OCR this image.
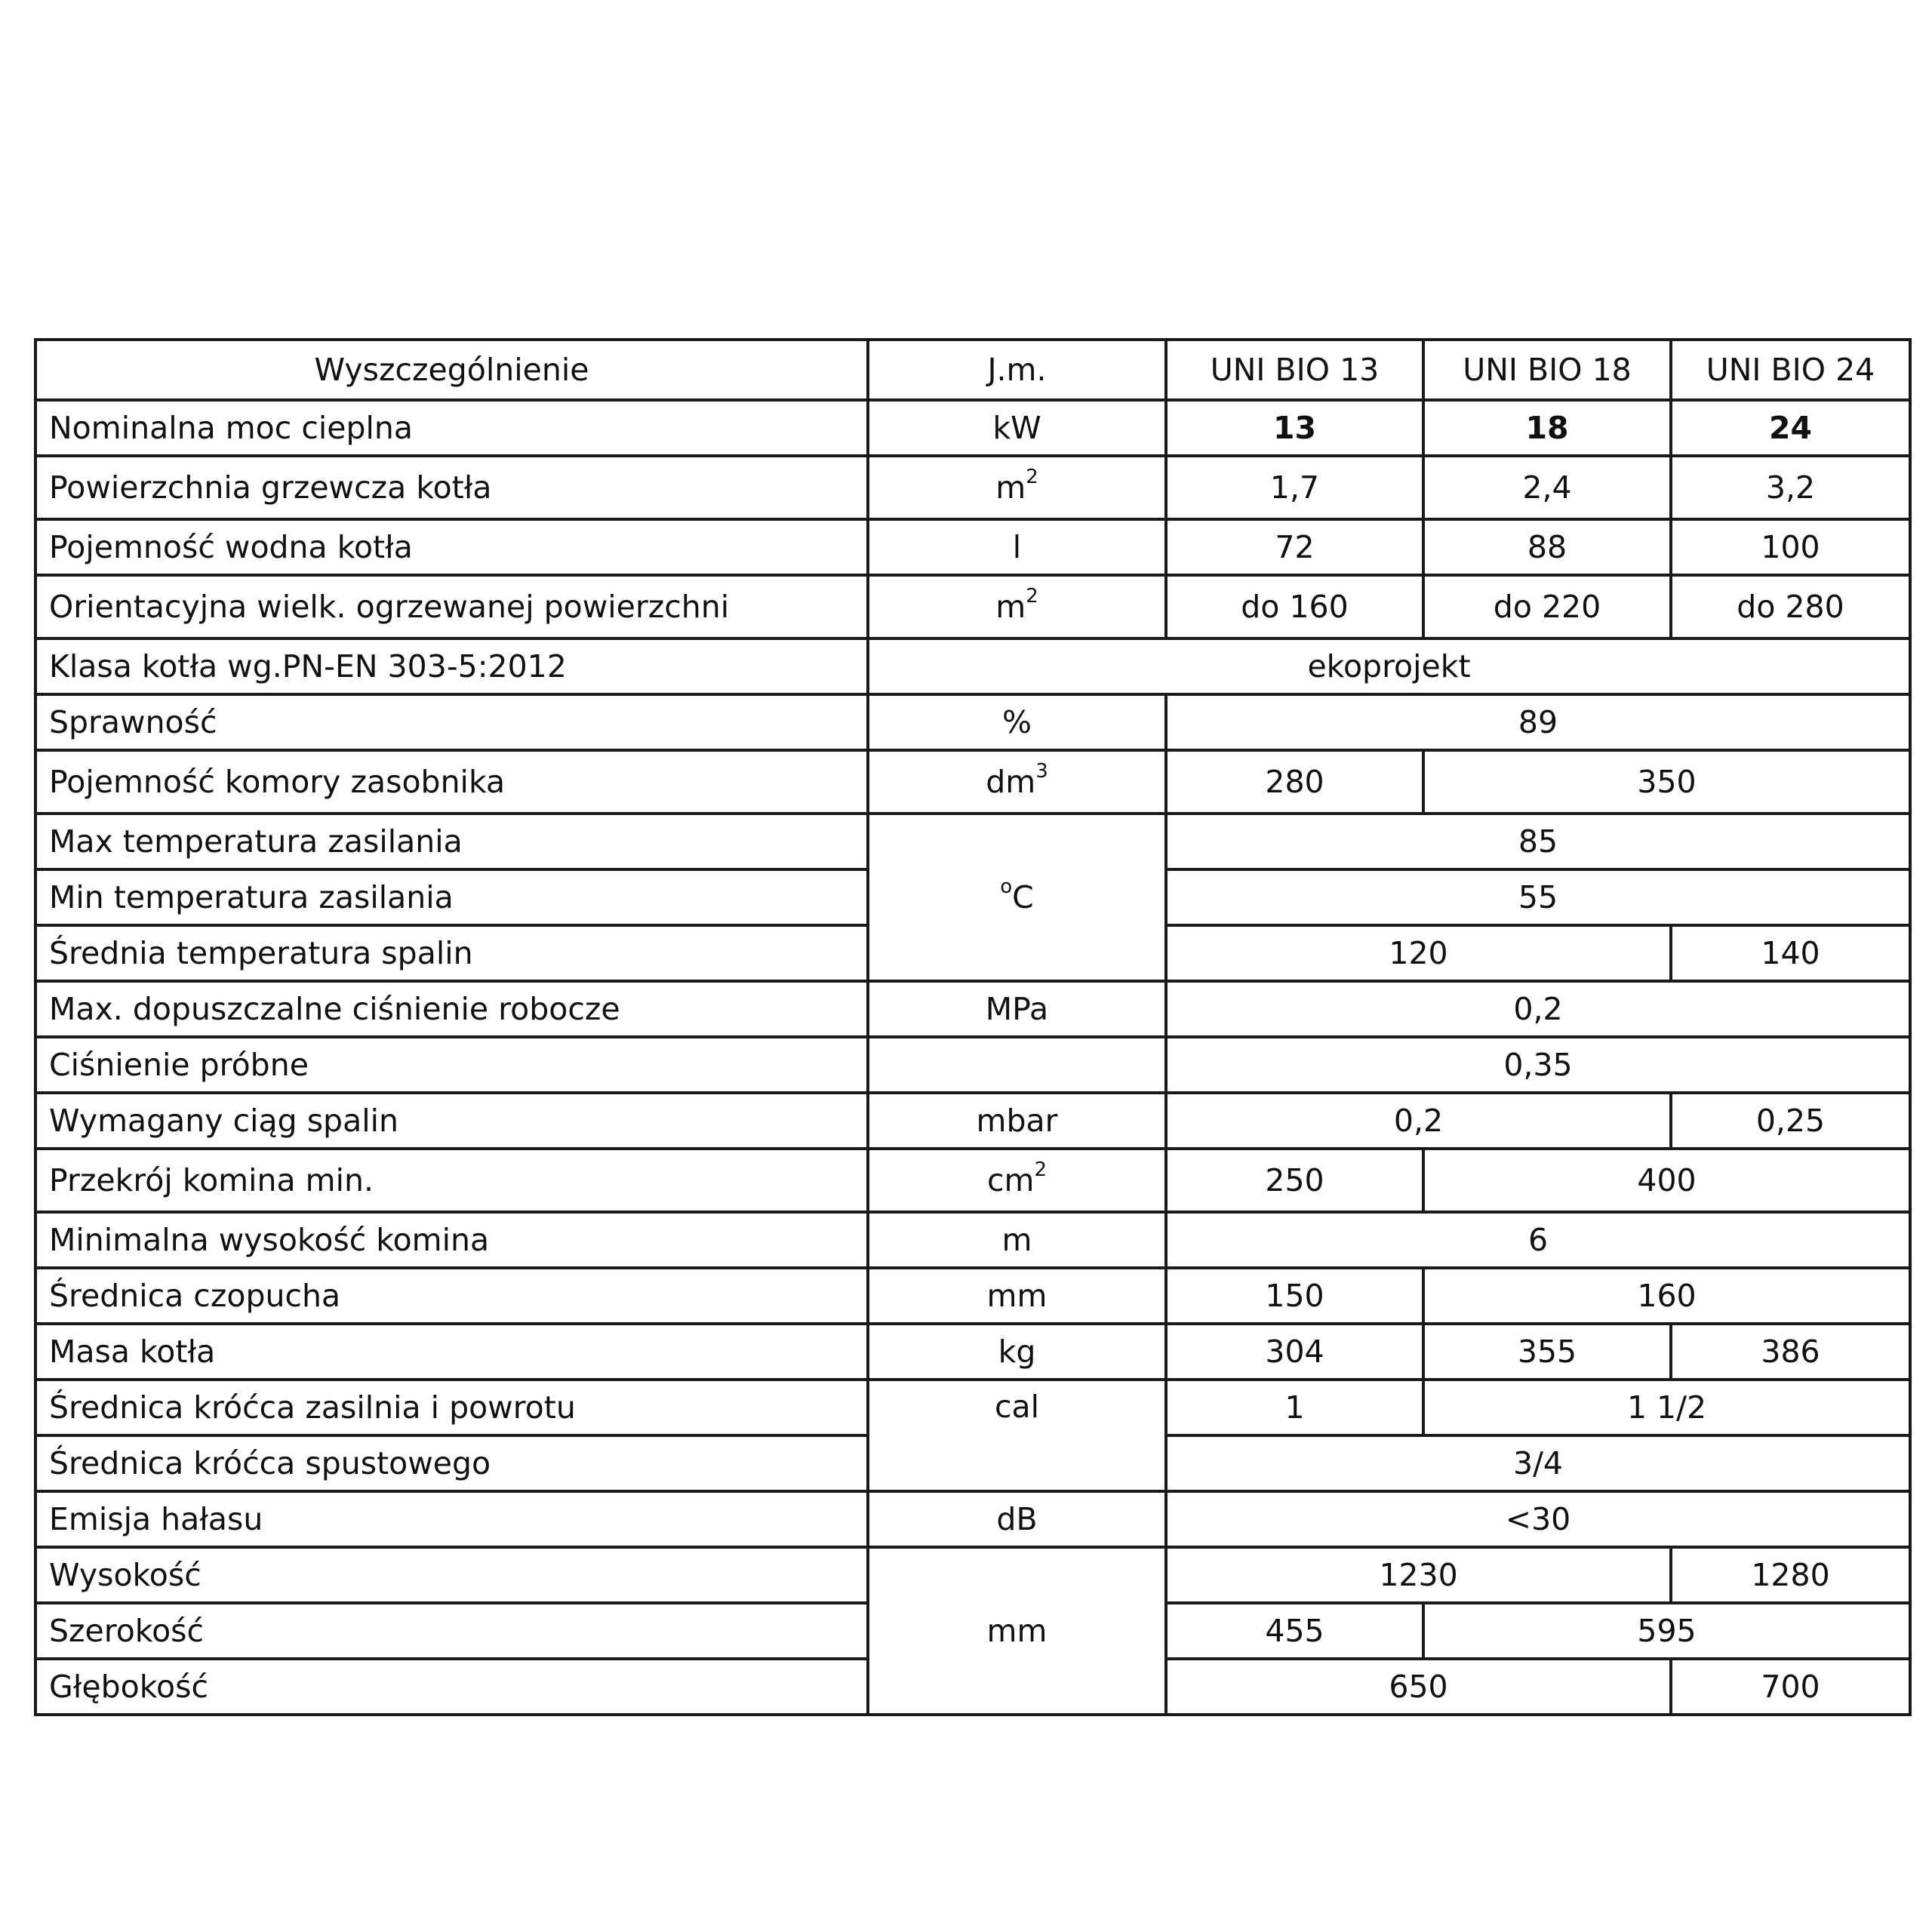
Wyszczególnienie	J.m.	UNI BIO 13	UNI BIO 18	UNI BIO 24
Nominalna moc cieplna	kW	13	18	24
Powierzchnia grzewcza kotła	$m^2$	1,7	2,4	3,2
Pojemność wodna kotła	l	72	88	100
Orientacyjna wielk. ogrzewanej powierzchni	$m^2$	do 160	do 220	do 280
Klasa kotła wg.PN-EN 303-5:2012	ekoprojekt			
Sprawność	%	89		
Pojemność komory zasobnika	$dm^3$	280	350	
Max temperatura zasilania	$^o$C	85		
Min temperatura zasilania		55		
Średnia temperatura spalin		120		140
Max. dopuszczalne ciśnienie robocze	MPa	0,2		
Ciśnienie próbne		0,35		
Wymagany ciąg spalin	mbar	0,2		0,25
Przekrój komina min.	$cm^2$	250	400	
Minimalna wysokość komina	m	6		
Średnica czopucha	mm	150	160	
Masa kotła	kg	304	355	386
Średnica króćca zasilnia i powrotu	cal	1	1 1/2	
Średnica króćca spustowego		3/4		
Emisja hałasu	dB	<30		
Wysokość	mm	1230		1280
Szerokość		455	595	
Głębokość		650		700
